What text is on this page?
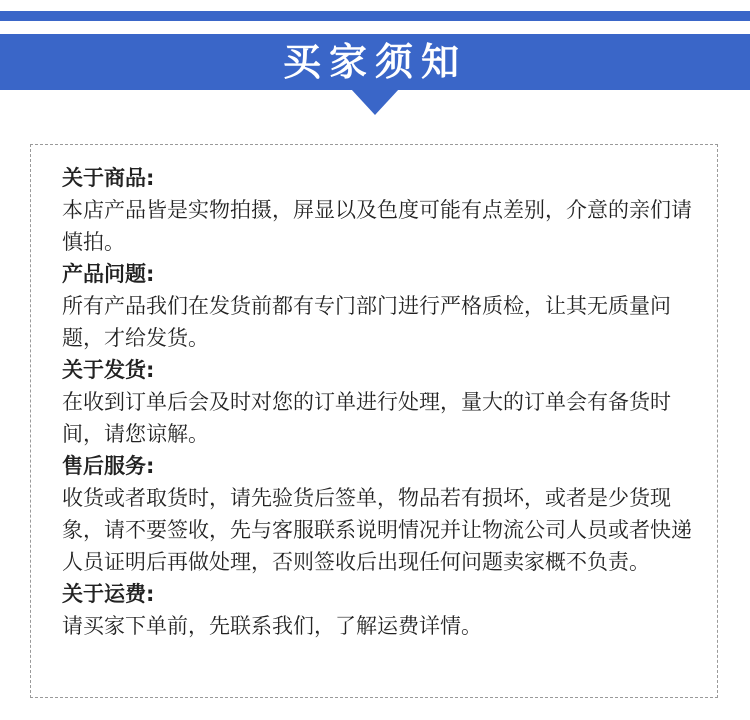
买家须知

关于商品:

本店产品皆是实物拍摄，屏显以及色度可能有点差别，介意的亲们请慎拍。

产品问题:

所有产品我们在发货前都有专门部门进行严格质检，让其无质量问题，才给发货。

关于发货:

在收到订单后会及时对您的订单进行处理，量大的订单会有备货时间，请您谅解。

售后服务:

收货或者取货时，请先验货后签单，物品若有损坏，或者是少货现象，请不要签收，先与客服联系说明情况并让物流公司人员或者快递人员证明后再做处理，否则签收后出现任何问题卖家概不负责。

关于运费:

请买家下单前，先联系我们，了解运费详情。
